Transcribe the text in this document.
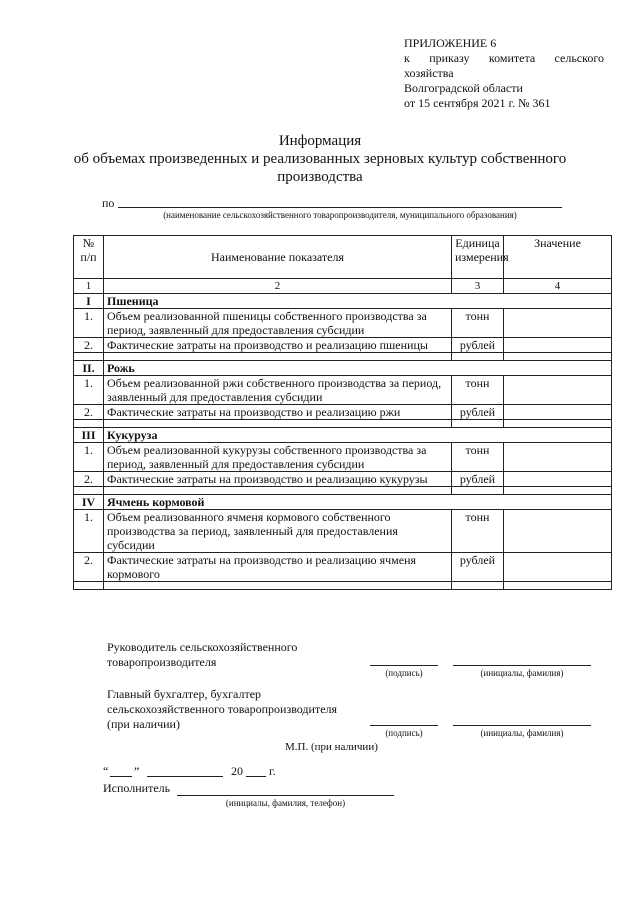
ПРИЛОЖЕНИЕ 6
к приказу комитета сельского
хозяйства
Волгоградской области
от 15 сентября 2021 г. № 361
Информация
об объемах произведенных и реализованных зерновых культур собственного
производства
по
(наименование сельскохозяйственного товаропроизводителя, муниципального образования)
№ п/п	Наименование показателя	Единица измерения	Значение
1	2	3	4
I	Пшеница		
1.	Объем реализованной пшеницы собственного производства за период, заявленный для предоставления субсидии	тонн	
2.	Фактические затраты на производство и реализацию пшеницы	рублей	

II.	Рожь		
1.	Объем реализованной ржи собственного производства за период, заявленный для предоставления субсидии	тонн	
2.	Фактические затраты на производство и реализацию ржи	рублей	

III	Кукуруза		
1.	Объем реализованной кукурузы собственного производства за период, заявленный для предоставления субсидии	тонн	
2.	Фактические затраты на производство и реализацию кукурузы	рублей	

IV	Ячмень кормовой		
1.	Объем реализованного ячменя кормового собственного производства за период, заявленный для предоставления субсидии	тонн	
2.	Фактические затраты на производство и реализацию ячменя кормового	рублей	

Руководитель сельскохозяйственного
товаропроизводителя
(подпись)	(инициалы, фамилия)
Главный бухгалтер, бухгалтер
сельскохозяйственного товаропроизводителя
(при наличии)
(подпись)	(инициалы, фамилия)
М.П. (при наличии)
“ ”	20 г.
Исполнитель
(инициалы, фамилия, телефон)
